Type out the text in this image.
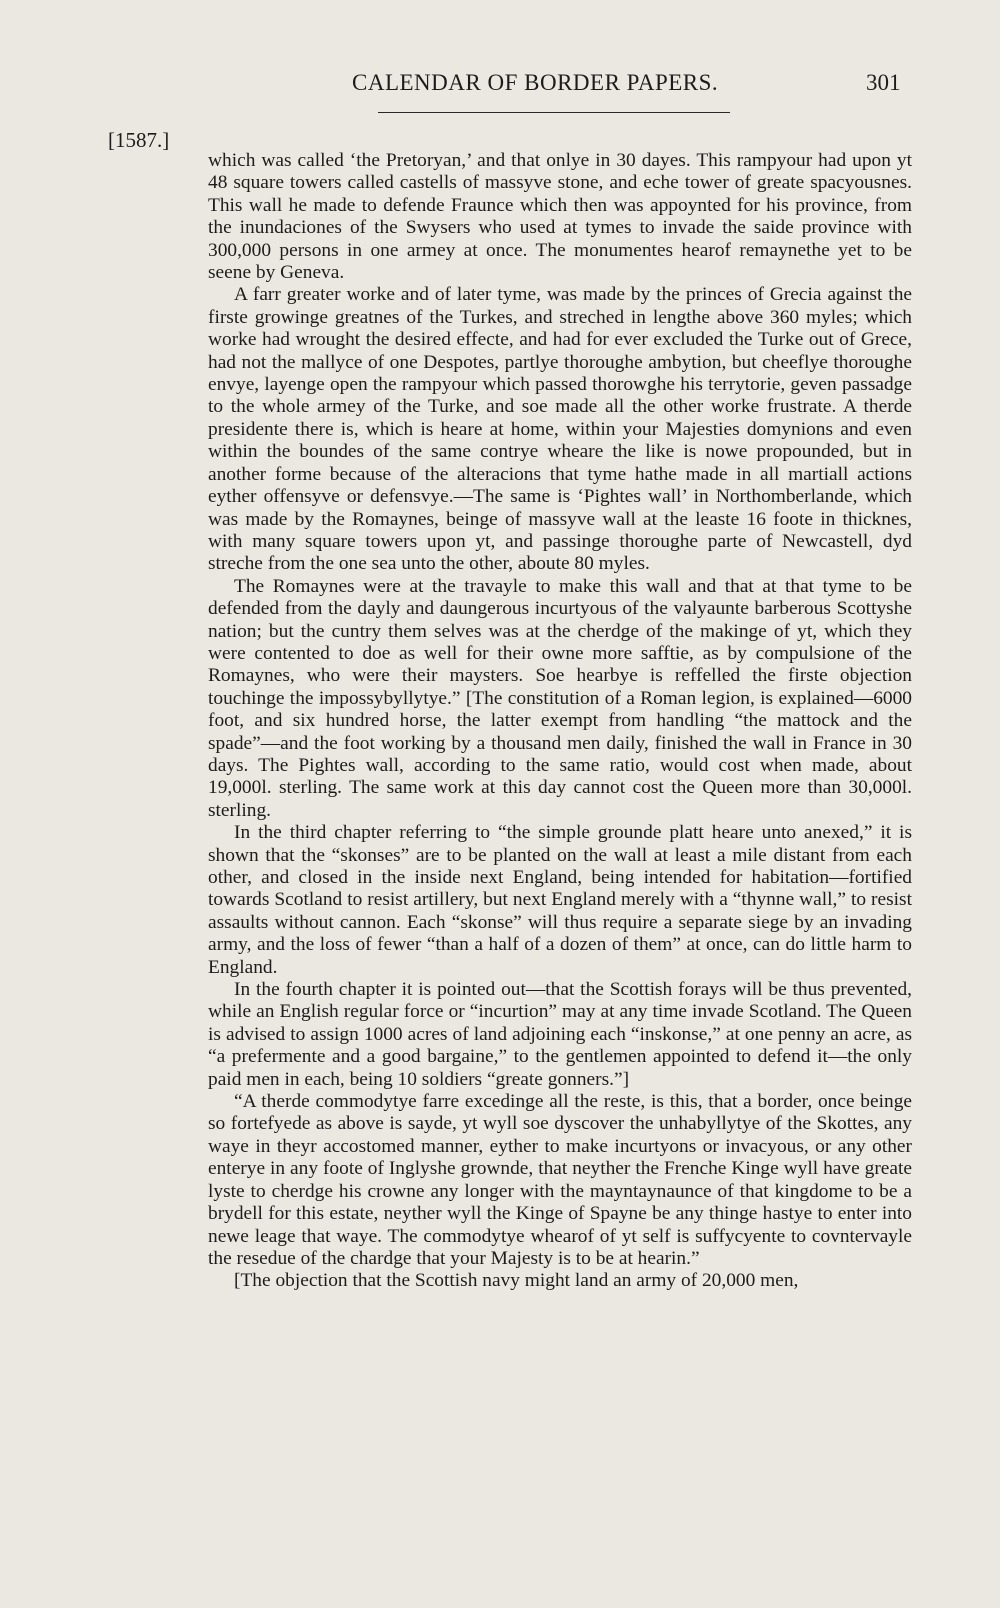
CALENDAR OF BORDER PAPERS.	301
[1587.]

which was called ‘the Pretoryan,’ and that onlye in 30 dayes. This rampyour had upon yt 48 square towers called castells of massyve stone, and eche tower of greate spacyousnes. This wall he made to defende Fraunce which then was appoynted for his province, from the inundaciones of the Swysers who used at tymes to invade the saide province with 300,000 persons in one armey at once. The monumentes hearof remaynethe yet to be seene by Geneva.

A farr greater worke and of later tyme, was made by the princes of Grecia against the firste growinge greatnes of the Turkes, and streched in lengthe above 360 myles; which worke had wrought the desired effecte, and had for ever excluded the Turke out of Grece, had not the mallyce of one Despotes, partlye thoroughe ambytion, but cheeflye thoroughe envye, layenge open the rampyour which passed thorowghe his terrytorie, geven passadge to the whole armey of the Turke, and soe made all the other worke frustrate. A therde presidente there is, which is heare at home, within your Majesties domynions and even within the boundes of the same contrye wheare the like is nowe propounded, but in another forme because of the alteracions that tyme hathe made in all martiall actions eyther offensyve or defensvye.—The same is ‘Pightes wall’ in Northomberlande, which was made by the Romaynes, beinge of massyve wall at the leaste 16 foote in thicknes, with many square towers upon yt, and passinge thoroughe parte of Newcastell, dyd streche from the one sea unto the other, aboute 80 myles.

The Romaynes were at the travayle to make this wall and that at that tyme to be defended from the dayly and daungerous incurtyous of the valyaunte barberous Scottyshe nation; but the cuntry them selves was at the cherdge of the makinge of yt, which they were contented to doe as well for their owne more safftie, as by compulsione of the Romaynes, who were their maysters. Soe hearbye is reffelled the firste objection touchinge the impossybyllytye.” [The constitution of a Roman legion, is explained—6000 foot, and six hundred horse, the latter exempt from handling “the mattock and the spade”—and the foot working by a thousand men daily, finished the wall in France in 30 days. The Pightes wall, according to the same ratio, would cost when made, about 19,000l. sterling. The same work at this day cannot cost the Queen more than 30,000l. sterling.

In the third chapter referring to “the simple grounde platt heare unto anexed,” it is shown that the “skonses” are to be planted on the wall at least a mile distant from each other, and closed in the inside next England, being intended for habitation—fortified towards Scotland to resist artillery, but next England merely with a “thynne wall,” to resist assaults without cannon. Each “skonse” will thus require a separate siege by an invading army, and the loss of fewer “than a half of a dozen of them” at once, can do little harm to England.

In the fourth chapter it is pointed out—that the Scottish forays will be thus prevented, while an English regular force or “incurtion” may at any time invade Scotland. The Queen is advised to assign 1000 acres of land adjoining each “inskonse,” at one penny an acre, as “a prefermente and a good bargaine,” to the gentlemen appointed to defend it—the only paid men in each, being 10 soldiers “greate gonners.”]

“A therde commodytye farre excedinge all the reste, is this, that a border, once beinge so fortefyede as above is sayde, yt wyll soe dyscover the unhabyllytye of the Skottes, any waye in theyr accostomed manner, eyther to make incurtyons or invacyous, or any other enterye in any foote of Inglyshe grownde, that neyther the Frenche Kinge wyll have greate lyste to cherdge his crowne any longer with the mayntaynaunce of that kingdome to be a brydell for this estate, neyther wyll the Kinge of Spayne be any thinge hastye to enter into newe leage that waye. The commodytye whearof of yt self is suffycyente to covntervayle the resedue of the chardge that your Majesty is to be at hearin.”

[The objection that the Scottish navy might land an army of 20,000 men,
